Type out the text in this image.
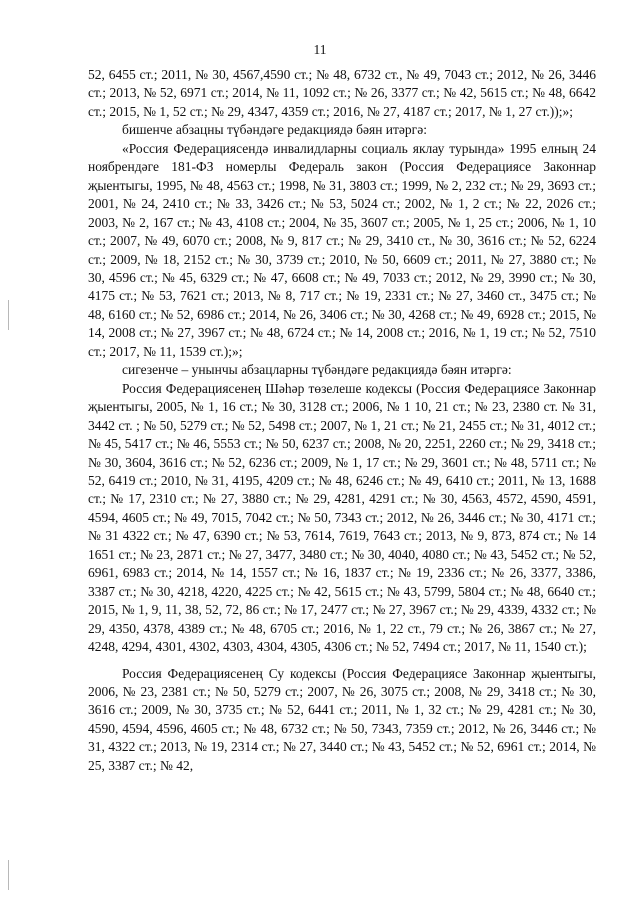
11

52, 6455 ст.; 2011, № 30, 4567,4590 ст.; № 48, 6732 ст., № 49, 7043 ст.; 2012, № 26, 3446 ст.; 2013, № 52, 6971 ст.; 2014, № 11, 1092 ст.; № 26, 3377 ст.; № 42, 5615 ст.; № 48, 6642 ст.; 2015, № 1, 52 ст.; № 29, 4347, 4359 ст.; 2016, № 27, 4187 ст.; 2017, № 1, 27 ст.));»;

бишенче абзацны түбәндәге редакциядә бәян итәргә:

«Россия Федерациясендә инвалидларны социаль яклау турында» 1995 елның 24 ноябрендәге 181-ФЗ номерлы Федераль закон (Россия Федерациясе Законнар җыентыгы, 1995, № 48, 4563 ст.; 1998, № 31, 3803 ст.; 1999, № 2, 232 ст.; № 29, 3693 ст.; 2001, № 24, 2410 ст.; № 33, 3426 ст.; № 53, 5024 ст.; 2002, № 1, 2 ст.; № 22, 2026 ст.; 2003, № 2, 167 ст.; № 43, 4108 ст.; 2004, № 35, 3607 ст.; 2005, № 1, 25 ст.; 2006, № 1, 10 ст.; 2007, № 49, 6070 ст.; 2008, № 9, 817 ст.; № 29, 3410 ст., № 30, 3616 ст.; № 52, 6224 ст.; 2009, № 18, 2152 ст.; № 30, 3739 ст.; 2010, № 50, 6609 ст.; 2011, № 27, 3880 ст.; № 30, 4596 ст.; № 45, 6329 ст.; № 47, 6608 ст.; № 49, 7033 ст.; 2012, № 29, 3990 ст.; № 30, 4175 ст.; № 53, 7621 ст.; 2013, № 8, 717 ст.; № 19, 2331 ст.; № 27, 3460 ст., 3475 ст.; № 48, 6160 ст.; № 52, 6986 ст.; 2014, № 26, 3406 ст.; № 30, 4268 ст.; № 49, 6928 ст.; 2015, № 14, 2008 ст.; № 27, 3967 ст.; № 48, 6724 ст.; № 14, 2008 ст.; 2016, № 1, 19 ст.; № 52, 7510 ст.; 2017, № 11, 1539 ст.);»;

сигезенче – унынчы абзацларны түбәндәге редакциядә бәян итәргә:

Россия Федерациясенең Шәһәр төзелеше кодексы (Россия Федерациясе Законнар җыентыгы, 2005, № 1, 16 ст.; № 30, 3128 ст.; 2006, № 1 10, 21 ст.; № 23, 2380 ст. № 31, 3442 ст. ; № 50, 5279 ст.; № 52, 5498 ст.; 2007, № 1, 21 ст.; № 21, 2455 ст.; № 31, 4012 ст.; № 45, 5417 ст.; № 46, 5553 ст.; № 50, 6237 ст.; 2008, № 20, 2251, 2260 ст.; № 29, 3418 ст.; № 30, 3604, 3616 ст.; № 52, 6236 ст.; 2009, № 1, 17 ст.; № 29, 3601 ст.; № 48, 5711 ст.; № 52, 6419 ст.; 2010, № 31, 4195, 4209 ст.; № 48, 6246 ст.; № 49, 6410 ст.; 2011, № 13, 1688 ст.; № 17, 2310 ст.; № 27, 3880 ст.; № 29, 4281, 4291 ст.; № 30, 4563, 4572, 4590, 4591, 4594, 4605 ст.; № 49, 7015, 7042 ст.; № 50, 7343 ст.; 2012, № 26, 3446 ст.; № 30, 4171 ст.; № 31 4322 ст.; № 47, 6390 ст.; № 53, 7614, 7619, 7643 ст.; 2013, № 9, 873, 874 ст.; № 14 1651 ст.; № 23, 2871 ст.; № 27, 3477, 3480 ст.; № 30, 4040, 4080 ст.; № 43, 5452 ст.; № 52, 6961, 6983 ст.; 2014, № 14, 1557 ст.; № 16, 1837 ст.; № 19, 2336 ст.; № 26, 3377, 3386, 3387 ст.; № 30, 4218, 4220, 4225 ст.; № 42, 5615 ст.; № 43, 5799, 5804 ст.; № 48, 6640 ст.; 2015, № 1, 9, 11, 38, 52, 72, 86 ст.; № 17, 2477 ст.; № 27, 3967 ст.; № 29, 4339, 4332 ст.; № 29, 4350, 4378, 4389 ст.; № 48, 6705 ст.; 2016, № 1, 22 ст., 79 ст.; № 26, 3867 ст.; № 27, 4248, 4294, 4301, 4302, 4303, 4304, 4305, 4306 ст.; № 52, 7494 ст.; 2017, № 11, 1540 ст.);

Россия Федерациясенең Су кодексы (Россия Федерациясе Законнар җыентыгы, 2006, № 23, 2381 ст.; № 50, 5279 ст.; 2007, № 26, 3075 ст.; 2008, № 29, 3418 ст.; № 30, 3616 ст.; 2009, № 30, 3735 ст.; № 52, 6441 ст.; 2011, № 1, 32 ст.; № 29, 4281 ст.; № 30, 4590, 4594, 4596, 4605 ст.; № 48, 6732 ст.; № 50, 7343, 7359 ст.; 2012, № 26, 3446 ст.; № 31, 4322 ст.; 2013, № 19, 2314 ст.; № 27, 3440 ст.; № 43, 5452 ст.; № 52, 6961 ст.; 2014, № 25, 3387 ст.; № 42,
